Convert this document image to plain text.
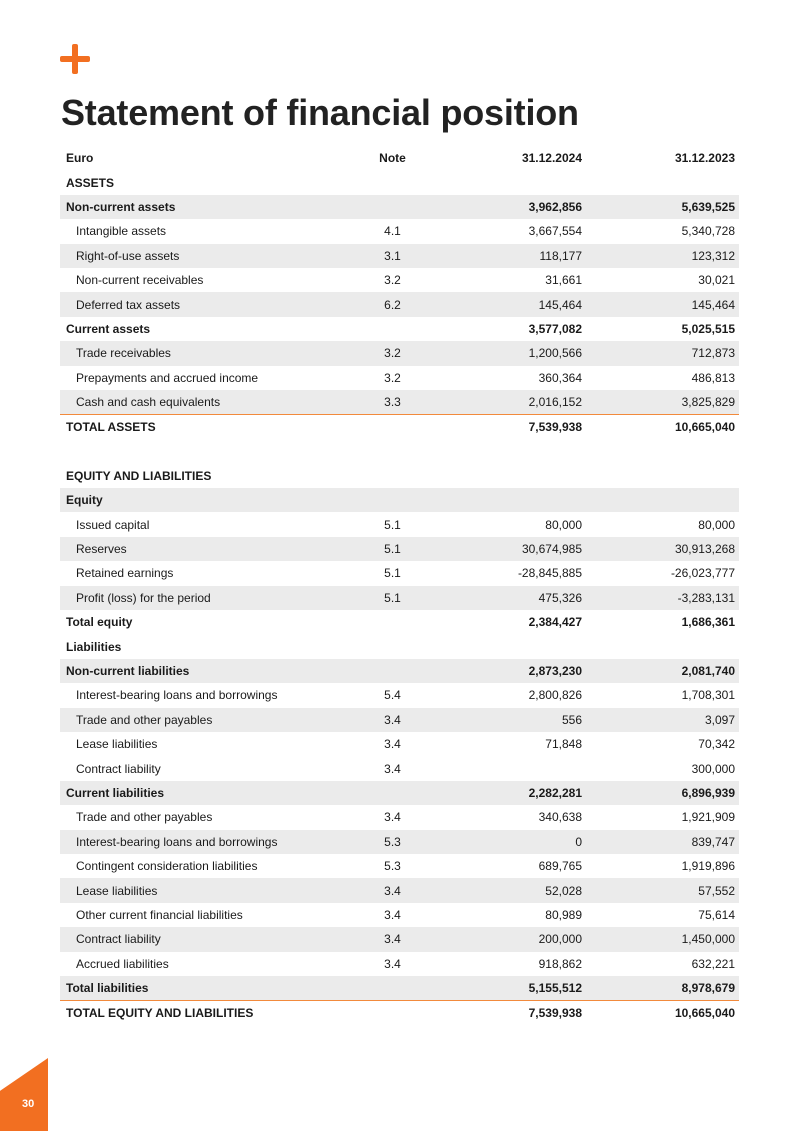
Statement of financial position
Euro	Note	31.12.2024	31.12.2023
ASSETS			
Non-current assets		3,962,856	5,639,525
Intangible assets	4.1	3,667,554	5,340,728
Right-of-use assets	3.1	118,177	123,312
Non-current receivables	3.2	31,661	30,021
Deferred tax assets	6.2	145,464	145,464
Current assets		3,577,082	5,025,515
Trade receivables	3.2	1,200,566	712,873
Prepayments and accrued income	3.2	360,364	486,813
Cash and cash equivalents	3.3	2,016,152	3,825,829
TOTAL ASSETS		7,539,938	10,665,040

EQUITY AND LIABILITIES			
Equity			
Issued capital	5.1	80,000	80,000
Reserves	5.1	30,674,985	30,913,268
Retained earnings	5.1	-28,845,885	-26,023,777
Profit (loss) for the period	5.1	475,326	-3,283,131
Total equity		2,384,427	1,686,361
Liabilities			
Non-current liabilities		2,873,230	2,081,740
Interest-bearing loans and borrowings	5.4	2,800,826	1,708,301
Trade and other payables	3.4	556	3,097
Lease liabilities	3.4	71,848	70,342
Contract liability	3.4		300,000
Current liabilities		2,282,281	6,896,939
Trade and other payables	3.4	340,638	1,921,909
Interest-bearing loans and borrowings	5.3	0	839,747
Contingent consideration liabilities	5.3	689,765	1,919,896
Lease liabilities	3.4	52,028	57,552
Other current financial liabilities	3.4	80,989	75,614
Contract liability	3.4	200,000	1,450,000
Accrued liabilities	3.4	918,862	632,221
Total liabilities		5,155,512	8,978,679
TOTAL EQUITY AND LIABILITIES		7,539,938	10,665,040
30
